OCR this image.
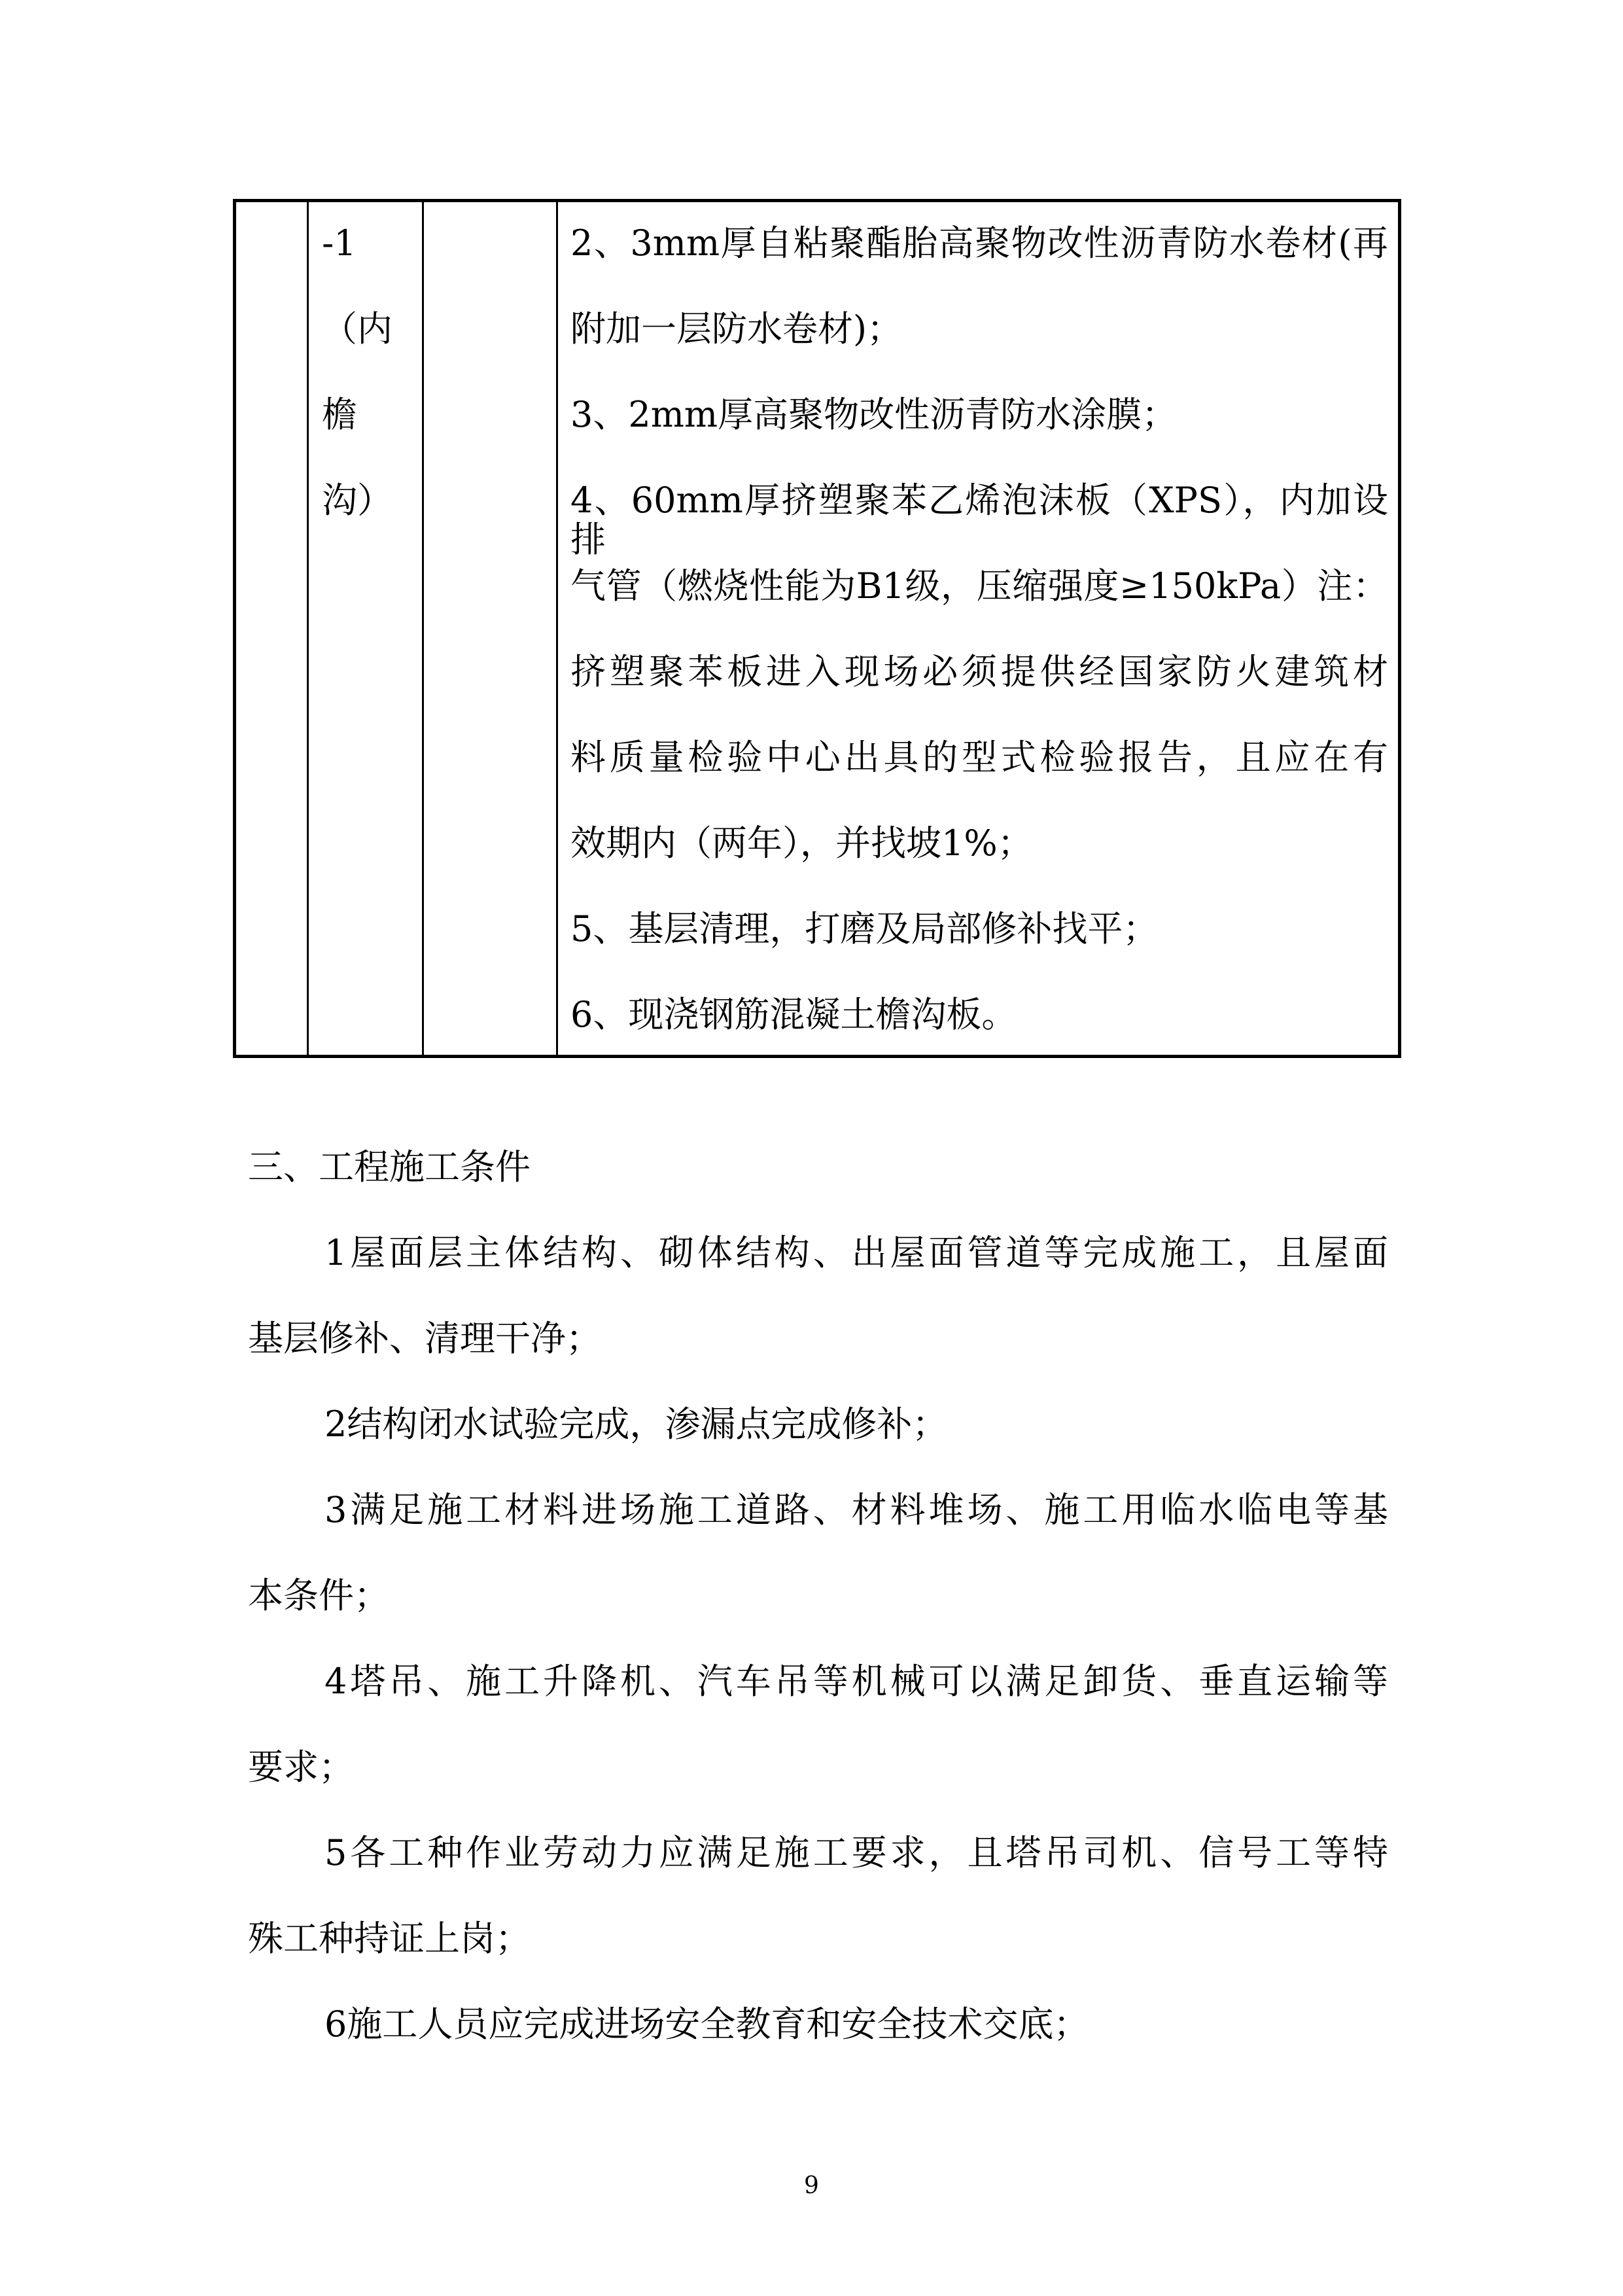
-1
（内
檐
沟）
2、3mm厚自粘聚酯胎高聚物改性沥青防水卷材(再
附加一层防水卷材)；
3、2mm厚高聚物改性沥青防水涂膜；
4、60mm厚挤塑聚苯乙烯泡沫板（XPS），内加设排
气管（燃烧性能为B1级，压缩强度≥150kPa）注：
挤塑聚苯板进入现场必须提供经国家防火建筑材
料质量检验中心出具的型式检验报告，且应在有
效期内（两年），并找坡1%；
5、基层清理，打磨及局部修补找平；
6、现浇钢筋混凝土檐沟板。
三、工程施工条件
1屋面层主体结构、砌体结构、出屋面管道等完成施工，且屋面
基层修补、清理干净；
2结构闭水试验完成，渗漏点完成修补；
3满足施工材料进场施工道路、材料堆场、施工用临水临电等基
本条件；
4塔吊、施工升降机、汽车吊等机械可以满足卸货、垂直运输等
要求；
5各工种作业劳动力应满足施工要求，且塔吊司机、信号工等特
殊工种持证上岗；
6施工人员应完成进场安全教育和安全技术交底；
9
